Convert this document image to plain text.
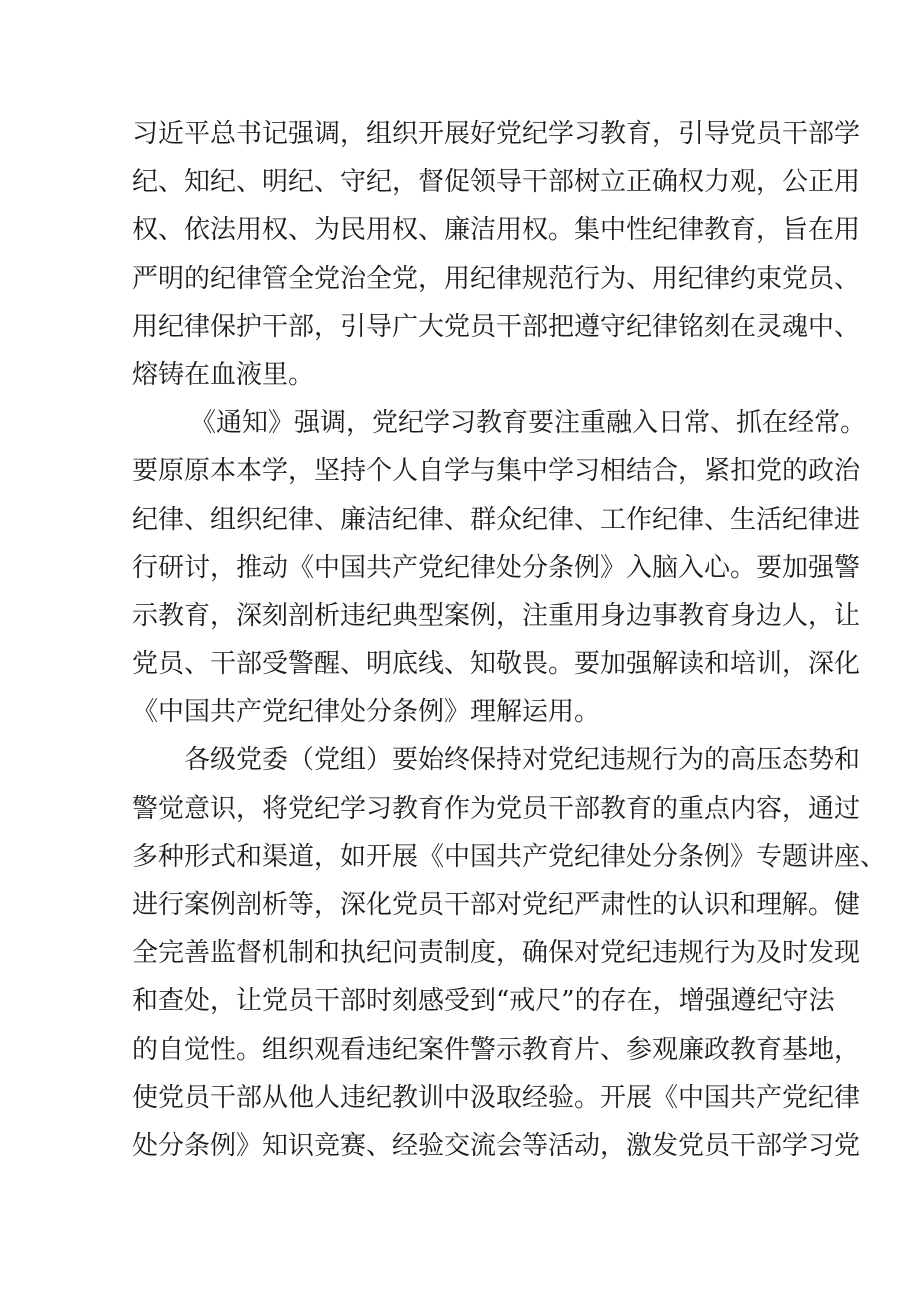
习近平总书记强调，组织开展好党纪学习教育，引导党员干部学
纪、知纪、明纪、守纪，督促领导干部树立正确权力观，公正用
权、依法用权、为民用权、廉洁用权。集中性纪律教育，旨在用
严明的纪律管全党治全党，用纪律规范行为、用纪律约束党员、
用纪律保护干部，引导广大党员干部把遵守纪律铭刻在灵魂中、
熔铸在血液里。
《通知》强调，党纪学习教育要注重融入日常、抓在经常。
要原原本本学，坚持个人自学与集中学习相结合，紧扣党的政治
纪律、组织纪律、廉洁纪律、群众纪律、工作纪律、生活纪律进
行研讨，推动《中国共产党纪律处分条例》入脑入心。要加强警
示教育，深刻剖析违纪典型案例，注重用身边事教育身边人，让
党员、干部受警醒、明底线、知敬畏。要加强解读和培训，深化
《中国共产党纪律处分条例》理解运用。
各级党委（党组）要始终保持对党纪违规行为的高压态势和
警觉意识，将党纪学习教育作为党员干部教育的重点内容，通过
多种形式和渠道，如开展《中国共产党纪律处分条例》专题讲座、
进行案例剖析等，深化党员干部对党纪严肃性的认识和理解。健
全完善监督机制和执纪问责制度，确保对党纪违规行为及时发现
和查处，让党员干部时刻感受到“戒尺”的存在，增强遵纪守法
的自觉性。组织观看违纪案件警示教育片、参观廉政教育基地，
使党员干部从他人违纪教训中汲取经验。开展《中国共产党纪律
处分条例》知识竞赛、经验交流会等活动，激发党员干部学习党
